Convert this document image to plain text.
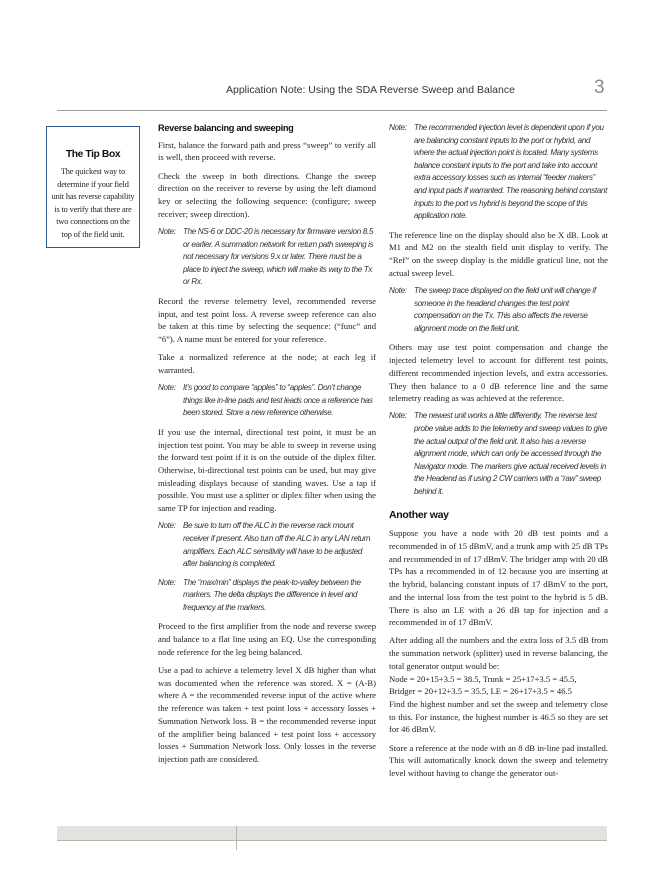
Application Note: Using the SDA Reverse Sweep and Balance	3
The Tip Box
The quickest way to determine if your field unit has reverse capability is to verify that there are two connections on the top of the field unit.
Reverse balancing and sweeping

First, balance the forward path and press “sweep” to verify all is well, then proceed with reverse.

Check the sweep in both directions. Change the sweep direction on the receiver to reverse by using the left diamond key or selecting the following sequence: (configure; sweep receiver; sweep direction).

Note: The NS-6 or DDC-20 is necessary for firmware version 8.5 or earlier. A summation network for return path sweeping is not necessary for versions 9.x or later. There must be a place to inject the sweep, which will make its way to the Tx or Rx.

Record the reverse telemetry level, recommended reverse input, and test point loss. A reverse sweep reference can also be taken at this time by selecting the sequence: (“func” and “6”). A name must be entered for your reference.

Take a normalized reference at the node; at each leg if warranted.

Note: It’s good to compare “apples” to “apples”. Don’t change things like in-line pads and test leads once a reference has been stored. Store a new reference otherwise.

If you use the internal, directional test point, it must be an injection test point. You may be able to sweep in reverse using the forward test point if it is on the outside of the diplex filter. Otherwise, bi-directional test points can be used, but may give misleading displays because of standing waves. Use a tap if possible. You must use a splitter or diplex filter when using the same TP for injection and reading.

Note: Be sure to turn off the ALC in the reverse rack mount receiver if present. Also turn off the ALC in any LAN return amplifiers. Each ALC sensitivity will have to be adjusted after balancing is completed.
Note: The “max/min” displays the peak-to-valley between the markers. The delta displays the difference in level and frequency at the markers.

Proceed to the first amplifier from the node and reverse sweep and balance to a flat line using an EQ. Use the corresponding node reference for the leg being balanced.

Use a pad to achieve a telemetry level X dB higher than what was documented when the reference was stored. X = (A-B) where A = the recommended reverse input of the active where the reference was taken + test point loss + accessory losses + Summation Network loss. B = the recommended reverse input of the amplifier being balanced + test point loss + accessory losses + Summation Network loss. Only losses in the reverse injection path are considered.

Note: The recommended injection level is dependent upon if you are balancing constant inputs to the port or hybrid, and where the actual injection point is located. Many systems balance constant inputs to the port and take into account extra accessory losses such as internal “feeder makers” and input pads if warranted. The reasoning behind constant inputs to the port vs hybrid is beyond the scope of this application note.

The reference line on the display should also be X dB. Look at M1 and M2 on the stealth field unit display to verify. The “Ref” on the sweep display is the middle graticul line, not the actual sweep level.

Note: The sweep trace displayed on the field unit will change if someone in the headend changes the test point compensation on the Tx. This also affects the reverse alignment mode on the field unit.

Others may use test point compensation and change the injected telemetry level to account for different test points, different recommended injection levels, and extra accessories. They then balance to a 0 dB reference line and the same telemetry reading as was achieved at the reference.

Note: The newest unit works a little differently. The reverse test probe value adds to the telemetry and sweep values to give the actual output of the field unit. It also has a reverse alignment mode, which can only be accessed through the Navigator mode. The markers give actual received levels in the Headend as if using 2 CW carriers with a “raw” sweep behind it.
Another way

Suppose you have a node with 20 dB test points and a recommended in of 15 dBmV, and a trunk amp with 25 dB TPs and recommended in of 17 dBmV. The bridger amp with 20 dB TPs has a recommended in of 12 because you are inserting at the hybrid, balancing constant inputs of 17 dBmV to the port, and the internal loss from the test point to the hybrid is 5 dB. There is also an LE with a 26 dB tap for injection and a recommended in of 17 dBmV.

After adding all the numbers and the extra loss of 3.5 dB from the summation network (splitter) used in reverse balancing, the total generator output would be:

Node = 20+15+3.5 = 38.5, Trunk = 25+17+3.5 = 45.5,

Bridger = 20+12+3.5 = 35.5, LE = 26+17+3.5 = 46.5

Find the highest number and set the sweep and telemetry close to this. For instance, the highest number is 46.5 so they are set for 46 dBmV.

Store a reference at the node with an 8 dB in-line pad installed. This will automatically knock down the sweep and telemetry level without having to change the generator out-
